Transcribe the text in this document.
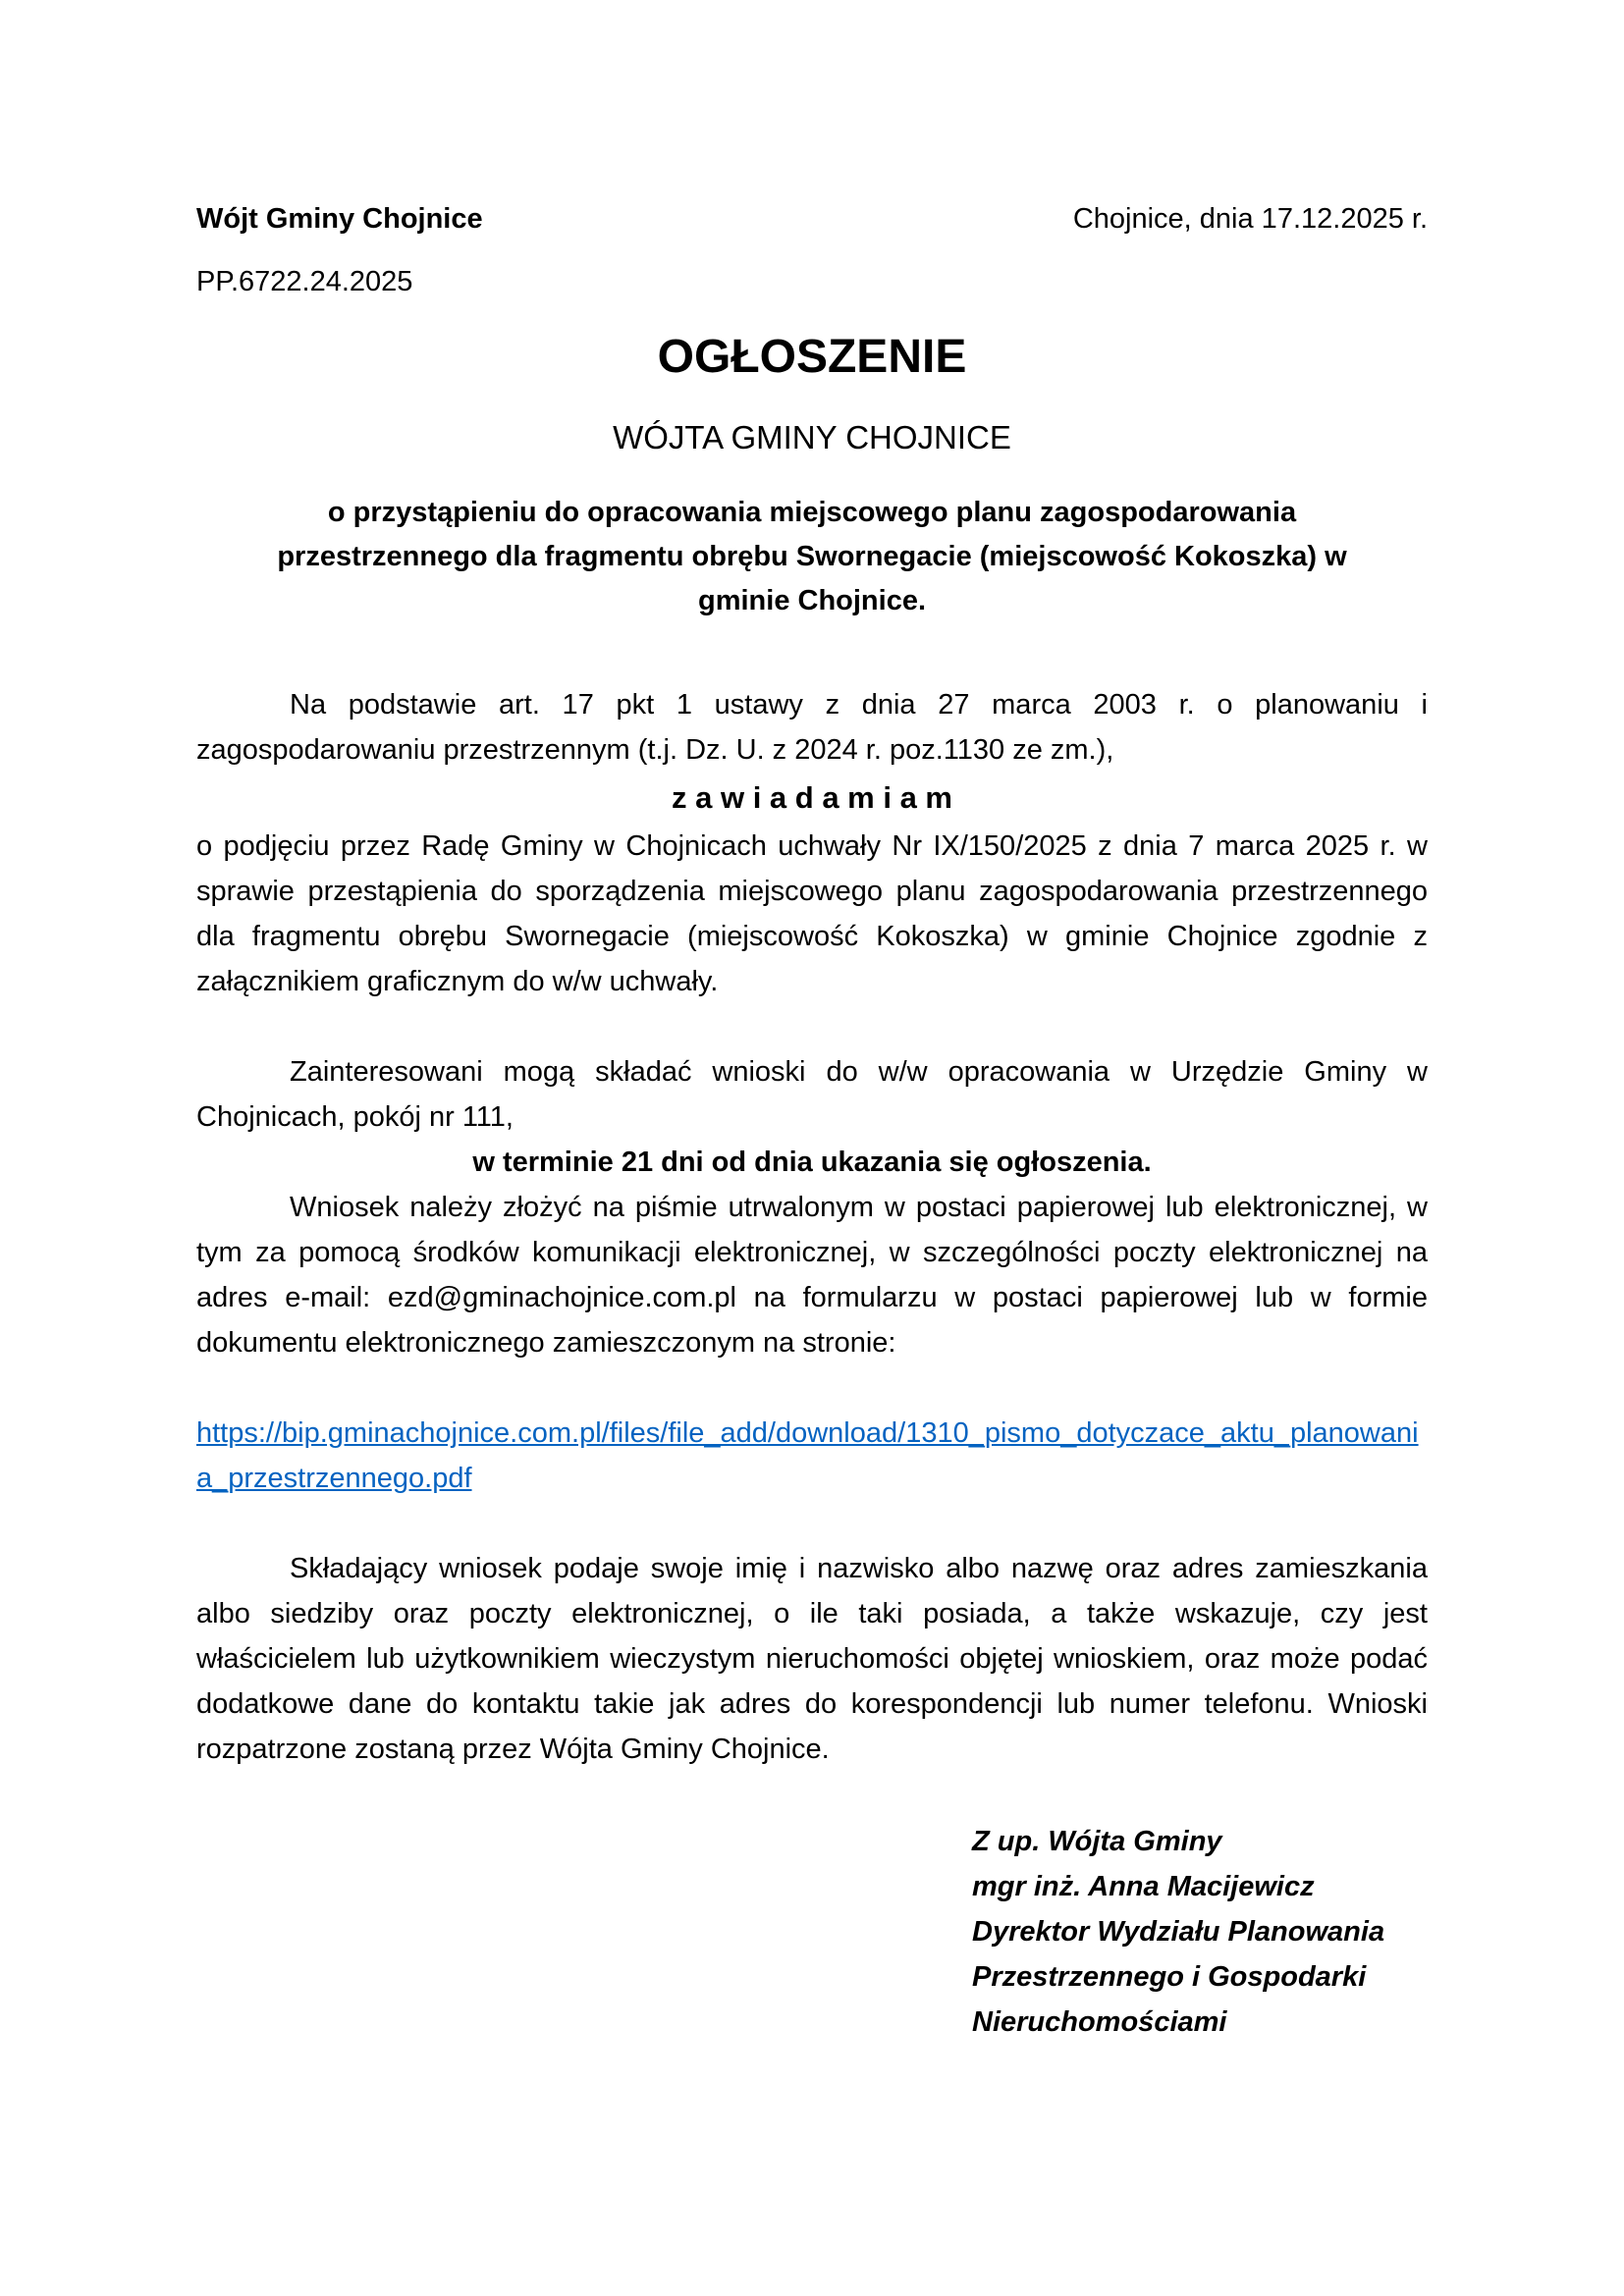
Wójt Gminy Chojnice	Chojnice, dnia 17.12.2025 r.

PP.6722.24.2025

OGŁOSZENIE

WÓJTA GMINY CHOJNICE

o przystąpieniu do opracowania miejscowego planu zagospodarowania przestrzennego dla fragmentu obrębu Swornegacie (miejscowość Kokoszka) w gminie Chojnice.

Na podstawie art. 17 pkt 1 ustawy z dnia 27 marca 2003 r. o planowaniu i zagospodarowaniu przestrzennym (t.j. Dz. U. z 2024 r. poz.1130 ze zm.),

z a w i a d a m i a m

o podjęciu przez Radę Gminy w Chojnicach uchwały Nr IX/150/2025 z dnia 7 marca 2025 r. w sprawie przestąpienia do sporządzenia miejscowego planu zagospodarowania przestrzennego dla fragmentu obrębu Swornegacie (miejscowość Kokoszka) w gminie Chojnice zgodnie z załącznikiem graficznym do w/w uchwały.

Zainteresowani mogą składać wnioski do w/w opracowania w Urzędzie Gminy w Chojnicach, pokój nr 111,

w terminie 21 dni od dnia ukazania się ogłoszenia.

Wniosek należy złożyć na piśmie utrwalonym w postaci papierowej lub elektronicznej, w tym za pomocą środków komunikacji elektronicznej, w szczególności poczty elektronicznej na adres e-mail: ezd@gminachojnice.com.pl na formularzu w postaci papierowej lub w formie dokumentu elektronicznego zamieszczonym na stronie:

https://bip.gminachojnice.com.pl/files/file_add/download/1310_pismo_dotyczace_aktu_planowania_przestrzennego.pdf

Składający wniosek podaje swoje imię i nazwisko albo nazwę oraz adres zamieszkania albo siedziby oraz poczty elektronicznej, o ile taki posiada, a także wskazuje, czy jest właścicielem lub użytkownikiem wieczystym nieruchomości objętej wnioskiem, oraz może podać dodatkowe dane do kontaktu takie jak adres do korespondencji lub numer telefonu. Wnioski rozpatrzone zostaną przez Wójta Gminy Chojnice.

Z up. Wójta Gminy
mgr inż. Anna Macijewicz
Dyrektor Wydziału Planowania
Przestrzennego i Gospodarki
Nieruchomościami
